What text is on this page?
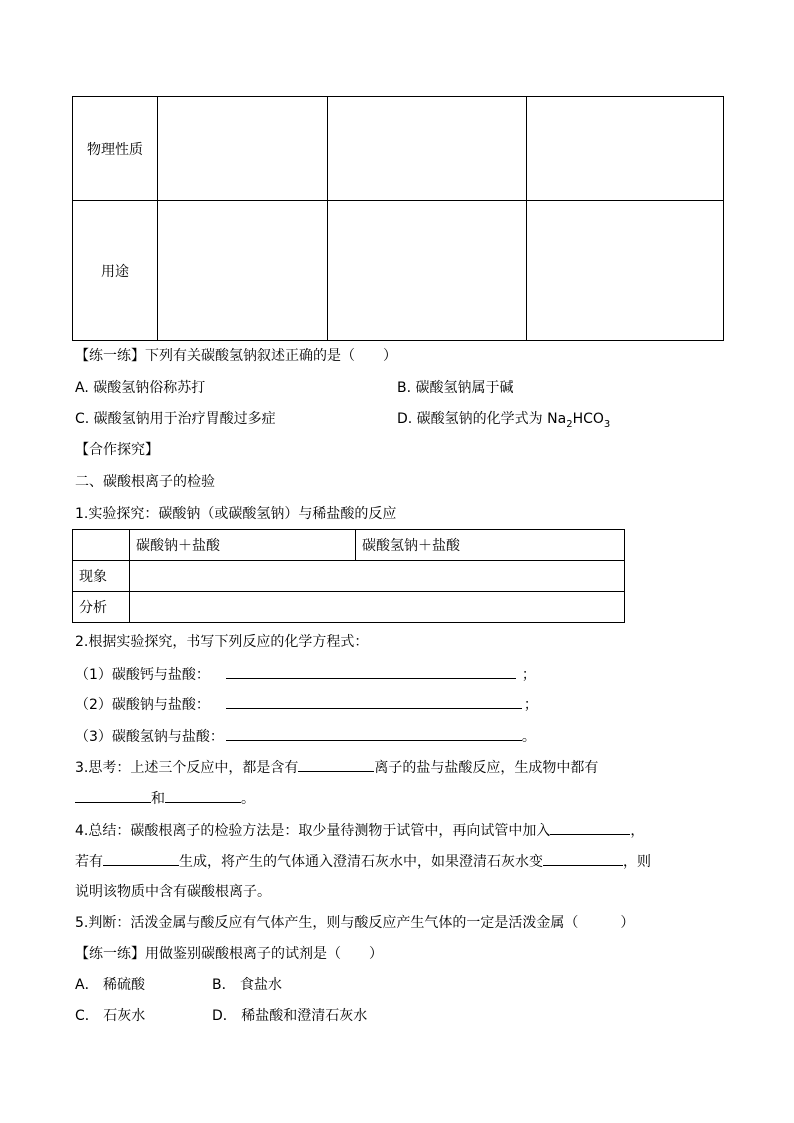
物理性质			
用途			
【练一练】下列有关碳酸氢钠叙述正确的是（　　）
A. 碳酸氢钠俗称苏打	B. 碳酸氢钠属于碱
C. 碳酸氢钠用于治疗胃酸过多症	D. 碳酸氢钠的化学式为 $Na_2HCO_3$
【合作探究】
二、碳酸根离子的检验
1.实验探究：碳酸钠（或碳酸氢钠）与稀盐酸的反应
	碳酸钠＋盐酸	碳酸氢钠＋盐酸
现象		
分析		
2.根据实验探究，书写下列反应的化学方程式：
（1）碳酸钙与盐酸：	；
（2）碳酸钠与盐酸：	；
（3）碳酸氢钠与盐酸：	。
3.思考：上述三个反应中，都是含有	离子的盐与盐酸反应，生成物中都有
和	。
4.总结：碳酸根离子的检验方法是：取少量待测物于试管中，再向试管中加入	，
若有	生成，将产生的气体通入澄清石灰水中，如果澄清石灰水变	，则
说明该物质中含有碳酸根离子。
5.判断：活泼金属与酸反应有气体产生，则与酸反应产生气体的一定是活泼金属（　　　）
【练一练】用做鉴别碳酸根离子的试剂是（　　）
A． 稀硫酸	B． 食盐水
C． 石灰水	D． 稀盐酸和澄清石灰水
